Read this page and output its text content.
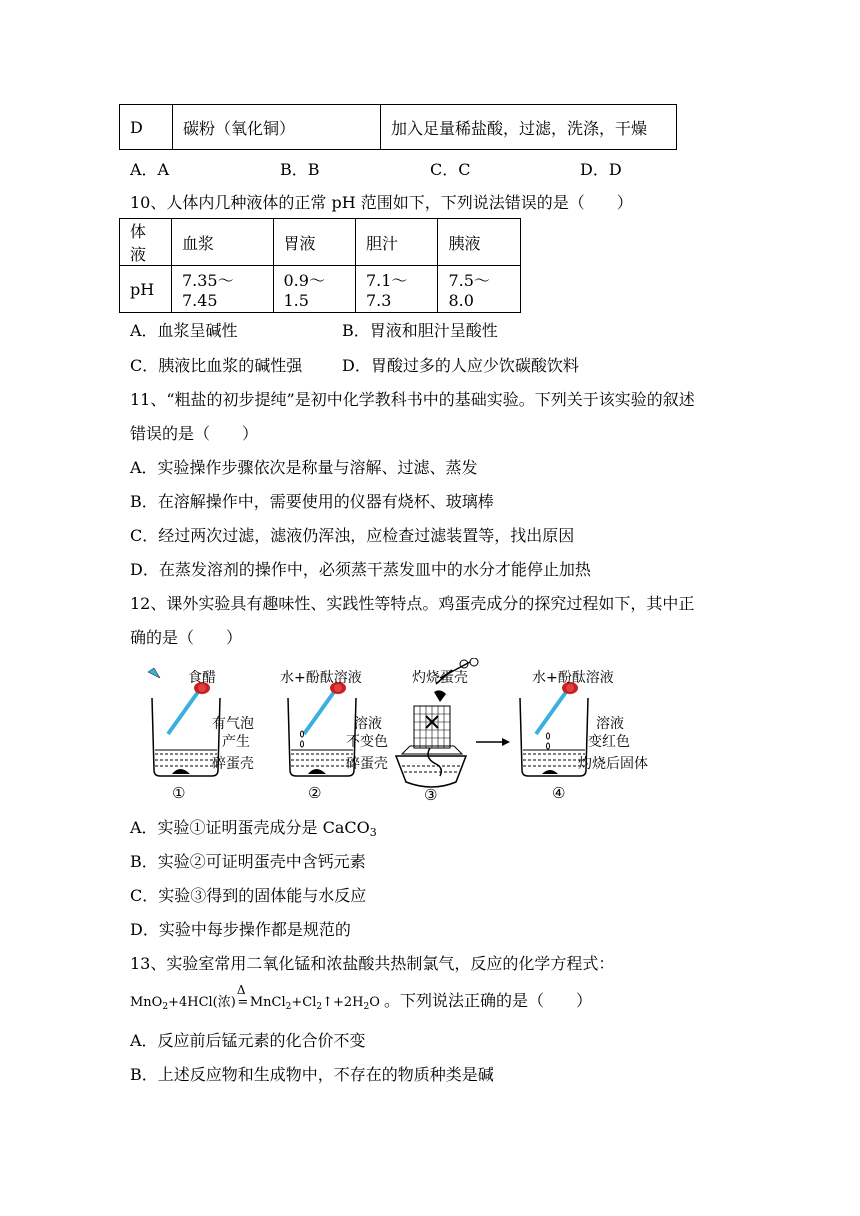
D	碳粉（氧化铜）	加入足量稀盐酸，过滤，洗涤，干燥
A．A	B．B	C．C	D．D
10、人体内几种液体的正常 pH 范围如下，下列说法错误的是（　　）
体液	血浆	胃液	胆汁	胰液
pH	7.35～7.45	0.9～1.5	7.1～7.3	7.5～8.0
A．血浆呈碱性	B．胃液和胆汁呈酸性
C．胰液比血浆的碱性强	D．胃酸过多的人应少饮碳酸饮料
11、“粗盐的初步提纯”是初中化学教科书中的基础实验。下列关于该实验的叙述
错误的是（　　）
A．实验操作步骤依次是称量与溶解、过滤、蒸发
B．在溶解操作中，需要使用的仪器有烧杯、玻璃棒
C．经过两次过滤，滤液仍浑浊，应检查过滤装置等，找出原因
D．在蒸发溶剂的操作中，必须蒸干蒸发皿中的水分才能停止加热
12、课外实验具有趣味性、实践性等特点。鸡蛋壳成分的探究过程如下，其中正
确的是（　　）
食醋
有气泡
产生
碎蛋壳
①
水+酚酞溶液
溶液
不变色
碎蛋壳
②
灼烧蛋壳
③
水+酚酞溶液
溶液
变红色
灼烧后固体
④
A．实验①证明蛋壳成分是 CaCO$_3$
B．实验②可证明蛋壳中含钙元素
C．实验③得到的固体能与水反应
D．实验中每步操作都是规范的
13、实验室常用二氧化锰和浓盐酸共热制氯气，反应的化学方程式：
MnO$_2$+4HCl(浓)
Δ
= $MnCl_2+Cl_2↑+2H_2O$ 。下列说法正确的是（　　）
A．反应前后锰元素的化合价不变
B．上述反应物和生成物中，不存在的物质种类是碱
